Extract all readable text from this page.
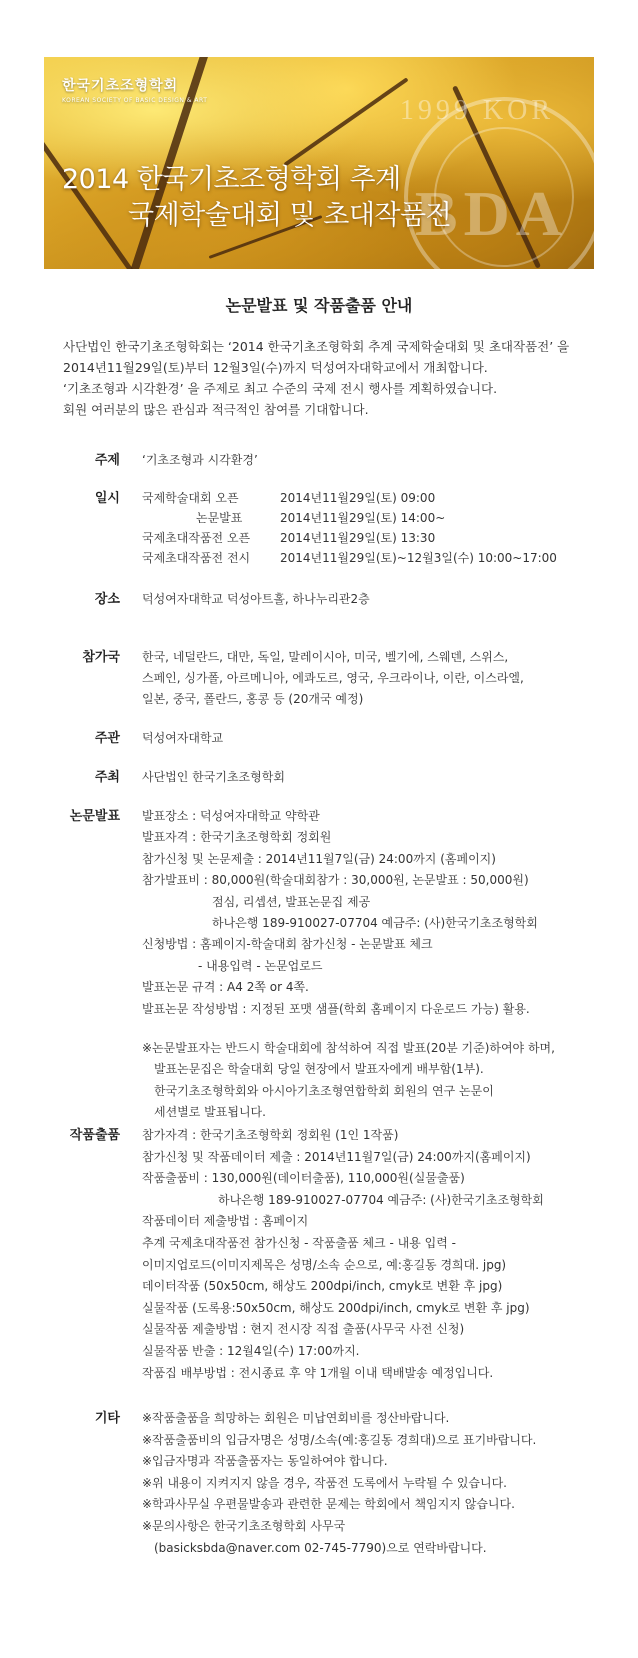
1999 KOR
BDA
한국기초조형학회
KOREAN SOCIETY OF BASIC DESIGN & ART
2014 한국기초조형학회 추계
국제학술대회 및 초대작품전
논문발표 및 작품출품 안내

사단법인 한국기초조형학회는 ‘2014 한국기초조형학회 추계 국제학술대회 및 초대작품전’ 을

2014년11월29일(토)부터 12월3일(수)까지 덕성여자대학교에서 개최합니다.

‘기초조형과 시각환경’ 을 주제로 최고 수준의 국제 전시 행사를 계획하였습니다.

회원 여러분의 많은 관심과 적극적인 참여를 기대합니다.

주제 ‘기초조형과 시각환경’

일시 국제학술대회 오픈	2014년11월29일(토) 09:00
논문발표	2014년11월29일(토) 14:00~
국제초대작품전 오픈	2014년11월29일(토) 13:30
국제초대작품전 전시	2014년11월29일(토)~12월3일(수) 10:00~17:00
장소 덕성여자대학교 덕성아트홀, 하나누리관2층

참가국 한국, 네덜란드, 대만, 독일, 말레이시아, 미국, 벨기에, 스웨덴, 스위스,

스페인, 싱가폴, 아르메니아, 에콰도르, 영국, 우크라이나, 이란, 이스라엘,

일본, 중국, 폴란드, 홍콩 등 (20개국 예정)

주관 덕성여자대학교

주최 사단법인 한국기초조형학회

논문발표 발표장소 : 덕성여자대학교 약학관

발표자격 : 한국기초조형학회 정회원

참가신청 및 논문제출 : 2014년11월7일(금) 24:00까지 (홈페이지)

참가발표비 : 80,000원(학술대회참가 : 30,000원, 논문발표 : 50,000원)

점심, 리셉션, 발표논문집 제공

하나은행 189-910027-07704 예금주: (사)한국기초조형학회

신청방법 : 홈페이지-학술대회 참가신청 - 논문발표 체크

- 내용입력 - 논문업로드

발표논문 규격 : A4 2쪽 or 4쪽.

발표논문 작성방법 : 지정된 포맷 샘플(학회 홈페이지 다운로드 가능) 활용.

※논문발표자는 반드시 학술대회에 참석하여 직접 발표(20분 기준)하여야 하며,

발표논문집은 학술대회 당일 현장에서 발표자에게 배부함(1부).

한국기초조형학회와 아시아기초조형연합학회 회원의 연구 논문이

세션별로 발표됩니다.

작품출품 참가자격 : 한국기초조형학회 정회원 (1인 1작품)

참가신청 및 작품데이터 제출 : 2014년11월7일(금) 24:00까지(홈페이지)

작품출품비 : 130,000원(데이터출품), 110,000원(실물출품)

하나은행 189-910027-07704 예금주: (사)한국기초조형학회

작품데이터 제출방법 : 홈페이지

추계 국제초대작품전 참가신청 - 작품출품 체크 - 내용 입력 -

이미지업로드(이미지제목은 성명/소속 순으로, 예:홍길동 경희대. jpg)

데이터작품 (50x50cm, 해상도 200dpi/inch, cmyk로 변환 후 jpg)

실물작품 (도록용:50x50cm, 해상도 200dpi/inch, cmyk로 변환 후 jpg)

실물작품 제출방법 : 현지 전시장 직접 출품(사무국 사전 신청)

실물작품 반출 : 12월4일(수) 17:00까지.

작품집 배부방법 : 전시종료 후 약 1개월 이내 택배발송 예정입니다.

기타 ※작품출품을 희망하는 회원은 미납연회비를 정산바랍니다.

※작품출품비의 입금자명은 성명/소속(예:홍길동 경희대)으로 표기바랍니다.

※입금자명과 작품출품자는 동일하여야 합니다.

※위 내용이 지켜지지 않을 경우, 작품전 도록에서 누락될 수 있습니다.

※학과사무실 우편물발송과 관련한 문제는 학회에서 책임지지 않습니다.

※문의사항은 한국기초조형학회 사무국

(basicksbda@naver.com 02-745-7790)으로 연락바랍니다.
